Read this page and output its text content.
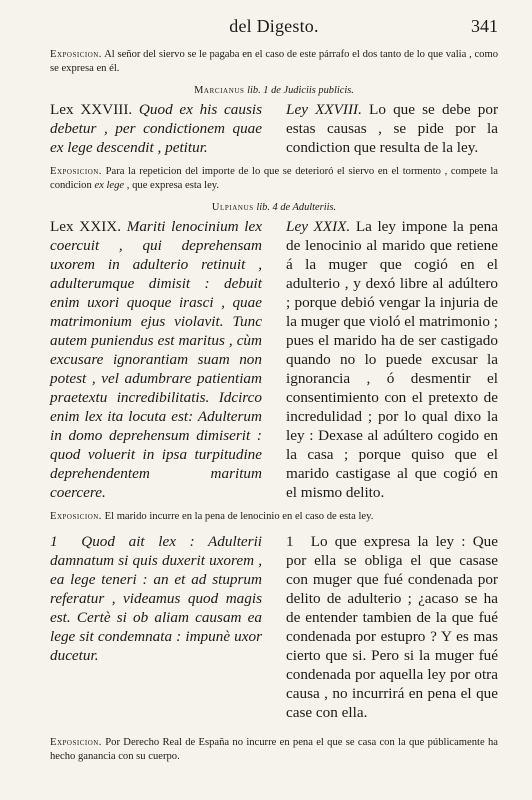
del Digesto.	341

Exposicion. Al señor del siervo se le pagaba en el caso de este párrafo el dos tanto de lo que valia , como se expresa en él.

Marcianus lib. 1 de Judiciis publicis.
Lex XXVIII. Quod ex his causis debetur , per condictionem quae ex lege descendit , petitur.
Ley XXVIII. Lo que se debe por estas causas , se pide por la condiction que resulta de la ley.

Exposicion. Para la repeticion del importe de lo que se deterioró el siervo en el tormento , compete la condicion ex lege , que expresa esta ley.

Ulpianus lib. 4 de Adulteriis.
Lex XXIX. Mariti lenocinium lex coercuit , qui deprehensam uxorem in adulterio retinuit , adulterumque dimisit : debuit enim uxori quoque irasci , quae matrimonium ejus violavit. Tunc autem puniendus est maritus , cùm excusare ignorantiam suam non potest , vel adumbrare patientiam praetextu incredibilitatis. Idcirco enim lex ita locuta est: Adulterum in domo deprehensum dimiserit : quod voluerit in ipsa turpitudine deprehendentem maritum coercere.
Ley XXIX. La ley impone la pena de lenocinio al marido que retiene á la muger que cogió en el adulterio , y dexó libre al adúltero ; porque debió vengar la injuria de la muger que violó el matrimonio ; pues el marido ha de ser castigado quando no lo puede excusar la ignorancia , ó desmentir el consentimiento con el pretexto de incredulidad ; por lo qual dixo la ley : Dexase al adúltero cogido en la casa ; porque quiso que el marido castigase al que cogió en el mismo delito.

Exposicion. El marido incurre en la pena de lenocinio en el caso de esta ley.

1 Quod ait lex : Adulterii damnatum si quis duxerit uxorem , ea lege teneri : an et ad stuprum referatur , videamus quod magis est. Certè si ob aliam causam ea lege sit condemnata : impunè uxor ducetur.
1 Lo que expresa la ley : Que por ella se obliga el que casase con muger que fué condenada por delito de adulterio ; ¿acaso se ha de entender tambien de la que fué condenada por estupro ? Y es mas cierto que si. Pero si la muger fué condenada por aquella ley por otra causa , no incurrirá en pena el que case con ella.

Exposicion. Por Derecho Real de España no incurre en pena el que se casa con la que públicamente ha hecho ganancia con su cuerpo.
